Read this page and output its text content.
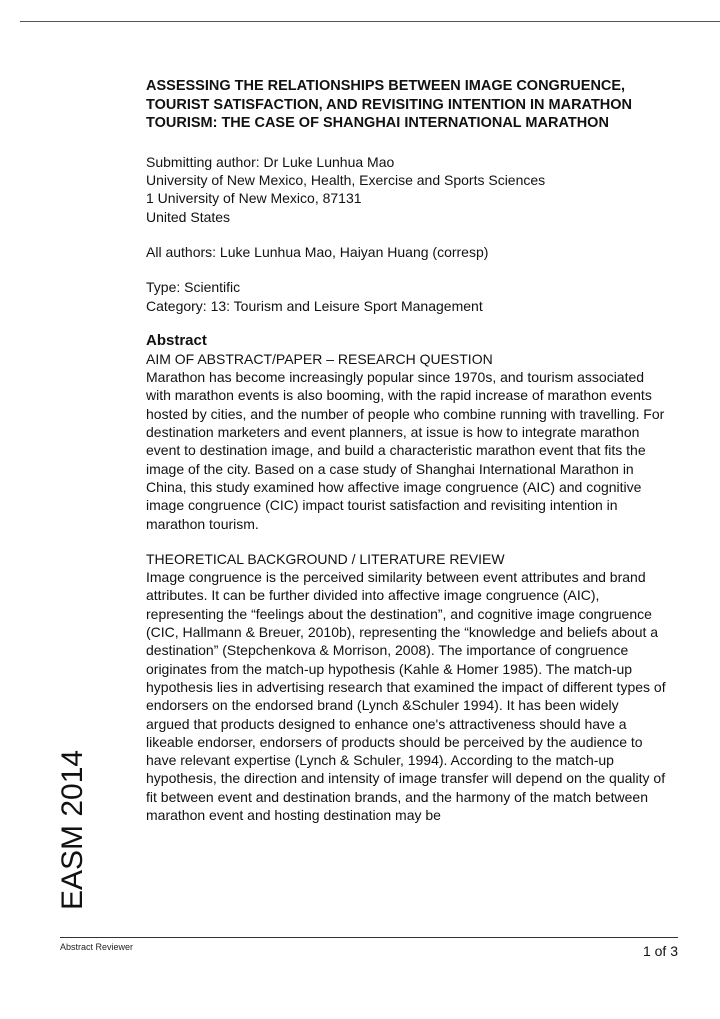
ASSESSING THE RELATIONSHIPS BETWEEN IMAGE CONGRUENCE, TOURIST SATISFACTION, AND REVISITING INTENTION IN MARATHON TOURISM: THE CASE OF SHANGHAI INTERNATIONAL MARATHON
Submitting author: Dr Luke Lunhua Mao
University of New Mexico, Health, Exercise and Sports Sciences
1 University of New Mexico, 87131
United States
All authors: Luke Lunhua Mao, Haiyan Huang (corresp)
Type: Scientific
Category: 13: Tourism and Leisure Sport Management
Abstract
AIM OF ABSTRACT/PAPER – RESEARCH QUESTION

Marathon has become increasingly popular since 1970s, and tourism associated with marathon events is also booming, with the rapid increase of marathon events hosted by cities, and the number of people who combine running with travelling. For destination marketers and event planners, at issue is how to integrate marathon event to destination image, and build a characteristic marathon event that fits the image of the city. Based on a case study of Shanghai International Marathon in China, this study examined how affective image congruence (AIC) and cognitive image congruence (CIC) impact tourist satisfaction and revisiting intention in marathon tourism.

THEORETICAL BACKGROUND / LITERATURE REVIEW

Image congruence is the perceived similarity between event attributes and brand attributes. It can be further divided into affective image congruence (AIC), representing the “feelings about the destination”, and cognitive image congruence (CIC, Hallmann & Breuer, 2010b), representing the “knowledge and beliefs about a destination” (Stepchenkova & Morrison, 2008). The importance of congruence originates from the match-up hypothesis (Kahle & Homer 1985). The match-up hypothesis lies in advertising research that examined the impact of different types of endorsers on the endorsed brand (Lynch &Schuler 1994). It has been widely argued that products designed to enhance one's attractiveness should have a likeable endorser, endorsers of products should be perceived by the audience to have relevant expertise (Lynch & Schuler, 1994). According to the match-up hypothesis, the direction and intensity of image transfer will depend on the quality of fit between event and destination brands, and the harmony of the match between marathon event and hosting destination may be

EASM 2014
Abstract Reviewer	1 of 3
